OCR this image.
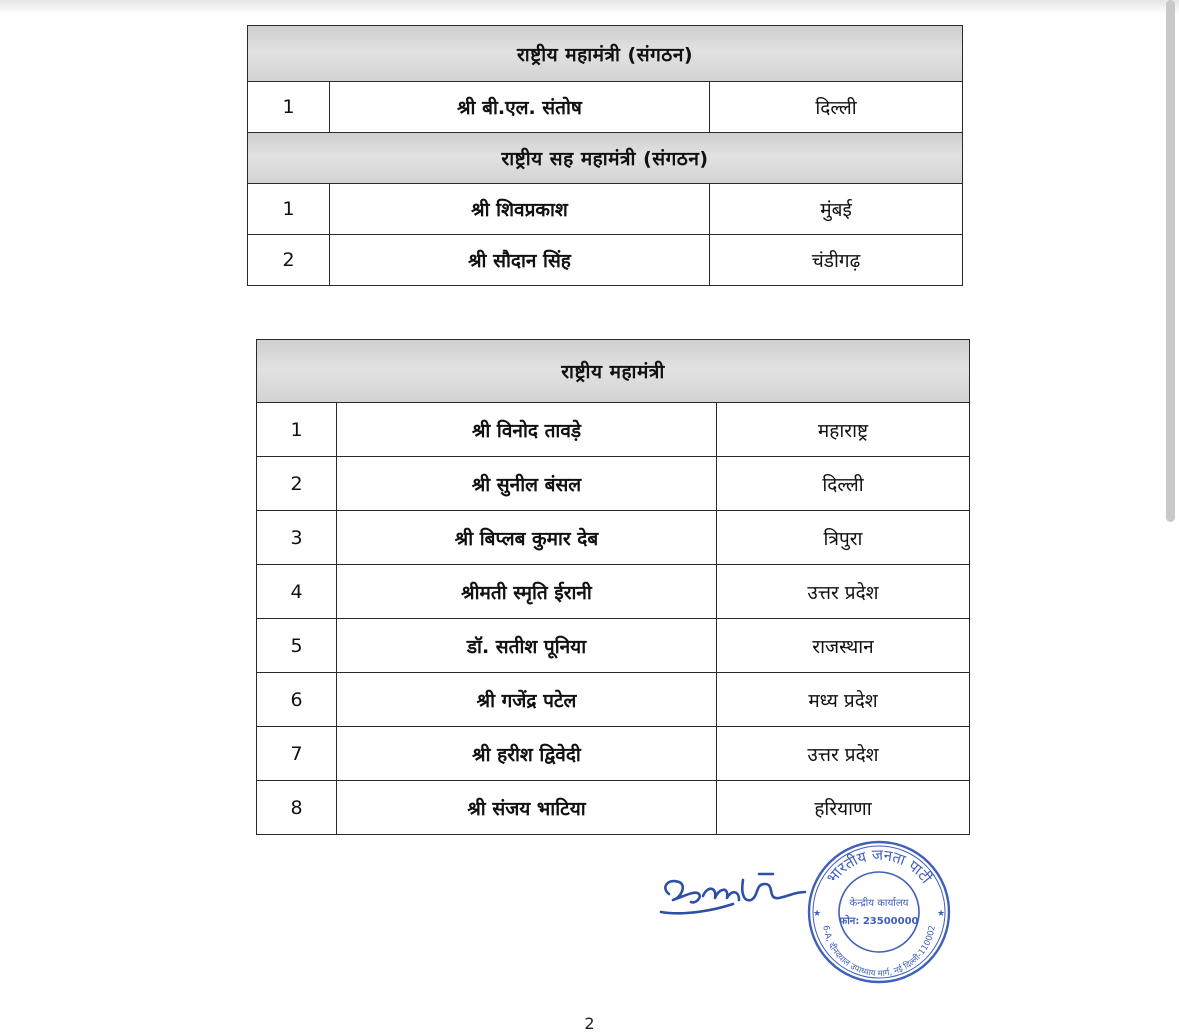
राष्ट्रीय महामंत्री (संगठन)		
1	श्री बी.एल. संतोष	दिल्ली
राष्ट्रीय सह महामंत्री (संगठन)		
1	श्री शिवप्रकाश	मुंबई
2	श्री सौदान सिंह	चंडीगढ़
राष्ट्रीय महामंत्री		
1	श्री विनोद तावड़े	महाराष्ट्र
2	श्री सुनील बंसल	दिल्ली
3	श्री बिप्लब कुमार देब	त्रिपुरा
4	श्रीमती स्मृति ईरानी	उत्तर प्रदेश
5	डॉ. सतीश पूनिया	राजस्थान
6	श्री गजेंद्र पटेल	मध्य प्रदेश
7	श्री हरीश द्विवेदी	उत्तर प्रदेश
8	श्री संजय भाटिया	हरियाणा
भारतीय जनता पार्टी
6-A, दीनदयाल उपाध्याय मार्ग, नई दिल्ली-110002
केन्द्रीय कार्यालय
फोन: 23500000
★	★
2
